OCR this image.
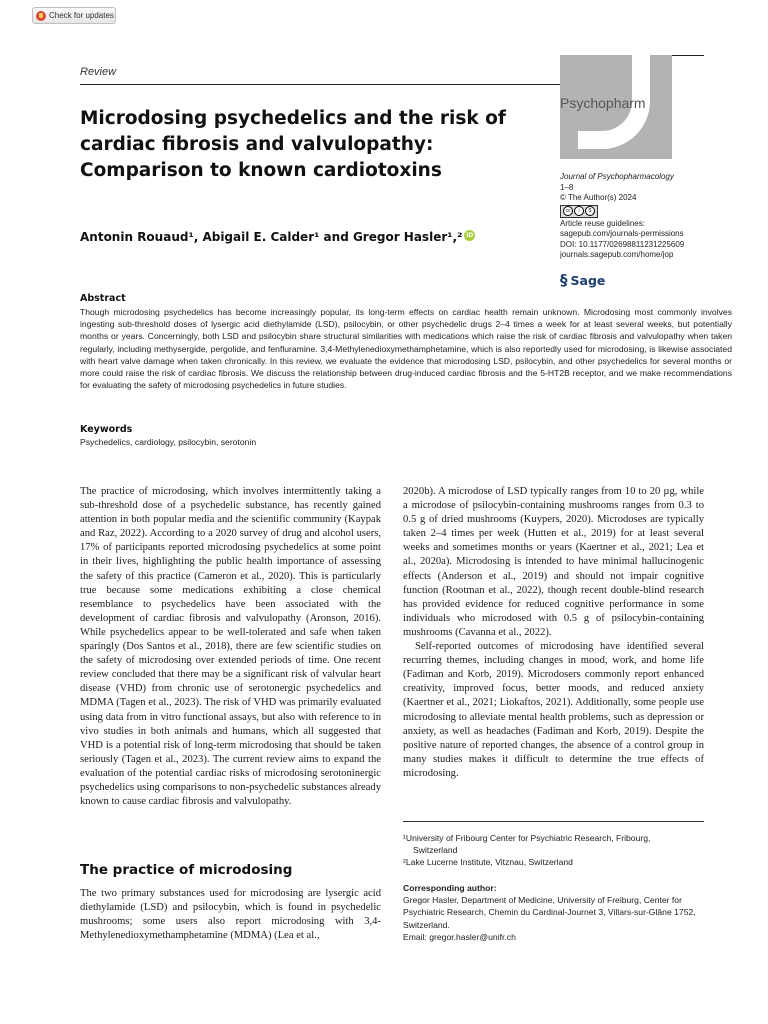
Check for updates
Review
Psychopharm
Microdosing psychedelics and the risk of cardiac fibrosis and valvulopathy: Comparison to known cardiotoxins
Antonin Rouaud¹, Abigail E. Calder¹ and Gregor Hasler¹,² iD
Journal of Psychopharmacology
1–8
© The Author(s) 2024
cc	i	$
Article reuse guidelines:
sagepub.com/journals-permissions
DOI: 10.1177/02698811231225609
journals.sagepub.com/home/jop
§ Sage
Abstract
Though microdosing psychedelics has become increasingly popular, its long-term effects on cardiac health remain unknown. Microdosing most commonly involves ingesting sub-threshold doses of lysergic acid diethylamide (LSD), psilocybin, or other psychedelic drugs 2–4 times a week for at least several weeks, but potentially months or years. Concerningly, both LSD and psilocybin share structural similarities with medications which raise the risk of cardiac fibrosis and valvulopathy when taken regularly, including methysergide, pergolide, and fenfluramine. 3,4-Methylenedioxymethamphetamine, which is also reportedly used for microdosing, is likewise associated with heart valve damage when taken chronically. In this review, we evaluate the evidence that microdosing LSD, psilocybin, and other psychedelics for several months or more could raise the risk of cardiac fibrosis. We discuss the relationship between drug-induced cardiac fibrosis and the 5-HT2B receptor, and we make recommendations for evaluating the safety of microdosing psychedelics in future studies.
Keywords
Psychedelics, cardiology, psilocybin, serotonin

The practice of microdosing, which involves intermittently taking a sub-threshold dose of a psychedelic substance, has recently gained attention in both popular media and the scientific community (Kaypak and Raz, 2022). According to a 2020 survey of drug and alcohol users, 17% of participants reported microdosing psychedelics at some point in their lives, highlighting the public health importance of assessing the safety of this practice (Cameron et al., 2020). This is particularly true because some medications exhibiting a close chemical resemblance to psychedelics have been associated with the development of cardiac fibrosis and valvulopathy (Aronson, 2016). While psychedelics appear to be well-tolerated and safe when taken sparingly (Dos Santos et al., 2018), there are few scientific studies on the safety of microdosing over extended periods of time. One recent review concluded that there may be a significant risk of valvular heart disease (VHD) from chronic use of serotonergic psychedelics and MDMA (Tagen et al., 2023). The risk of VHD was primarily evaluated using data from in vitro functional assays, but also with reference to in vivo studies in both animals and humans, which all suggested that VHD is a potential risk of long-term microdosing that should be taken seriously (Tagen et al., 2023). The current review aims to expand the evaluation of the potential cardiac risks of microdosing serotoninergic psychedelics using comparisons to non-psychedelic substances already known to cause cardiac fibrosis and valvulopathy.

The practice of microdosing

The two primary substances used for microdosing are lysergic acid diethylamide (LSD) and psilocybin, which is found in psychedelic mushrooms; some users also report microdosing with 3,4-Methylenedioxymethamphetamine (MDMA) (Lea et al.,

2020b). A microdose of LSD typically ranges from 10 to 20 µg, while a microdose of psilocybin-containing mushrooms ranges from 0.3 to 0.5 g of dried mushrooms (Kuypers, 2020). Microdoses are typically taken 2–4 times per week (Hutten et al., 2019) for at least several weeks and sometimes months or years (Kaertner et al., 2021; Lea et al., 2020a). Microdosing is intended to have minimal hallucinogenic effects (Anderson et al., 2019) and should not impair cognitive function (Rootman et al., 2022), though recent double-blind research has provided evidence for reduced cognitive performance in some individuals who microdosed with 0.5 g of psilocybin-containing mushrooms (Cavanna et al., 2022).

Self-reported outcomes of microdosing have identified several recurring themes, including changes in mood, work, and home life (Fadiman and Korb, 2019). Microdosers commonly report enhanced creativity, improved focus, better moods, and reduced anxiety (Kaertner et al., 2021; Liokaftos, 2021). Additionally, some people use microdosing to alleviate mental health problems, such as depression or anxiety, as well as headaches (Fadiman and Korb, 2019). Despite the positive nature of reported changes, the absence of a control group in many studies makes it difficult to determine the true effects of microdosing.

¹University of Fribourg Center for Psychiatric Research, Fribourg,

Switzerland

²Lake Lucerne Institute, Vitznau, Switzerland

Corresponding author:
Gregor Hasler, Department of Medicine, University of Freiburg, Center for Psychiatric Research, Chemin du Cardinal-Journet 3, Villars-sur-Glâne 1752, Switzerland.
Email: gregor.hasler@unifr.ch
